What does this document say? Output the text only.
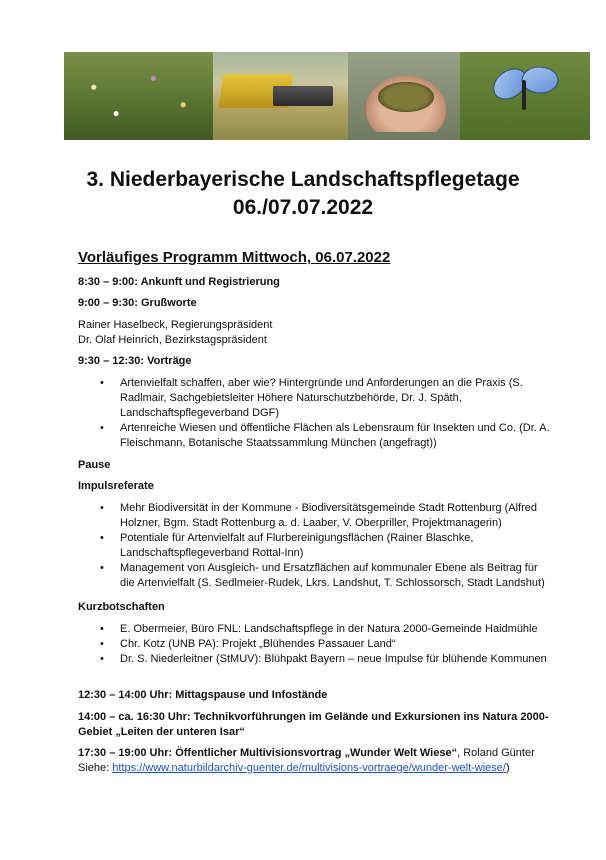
3. Niederbayerische Landschaftspflegetage
06./07.07.2022
Vorläufiges Programm Mittwoch, 06.07.2022
8:30 – 9:00: Ankunft und Registrierung
9:00 – 9:30: Grußworte
Rainer Haselbeck, Regierungspräsident
Dr. Olaf Heinrich, Bezirkstagspräsident
9:30 – 12:30: Vorträge
• Artenvielfalt schaffen, aber wie? Hintergründe und Anforderungen an die Praxis (S.
Radlmair, Sachgebietsleiter Höhere Naturschutzbehörde, Dr. J. Späth,
Landschaftspflegeverband DGF)
• Artenreiche Wiesen und öffentliche Flächen als Lebensraum für Insekten und Co. (Dr. A.
Fleischmann, Botanische Staatssammlung München (angefragt))
Pause
Impulsreferate
• Mehr Biodiversität in der Kommune - Biodiversitätsgemeinde Stadt Rottenburg (Alfred
Holzner, Bgm. Stadt Rottenburg a. d. Laaber, V. Oberpriller, Projektmanagerin)
• Potentiale für Artenvielfalt auf Flurbereinigungsflächen (Rainer Blaschke,
Landschaftspflegeverband Rottal-Inn)
• Management von Ausgleich- und Ersatzflächen auf kommunaler Ebene als Beitrag für
die Artenvielfalt (S. Sedlmeier-Rudek, Lkrs. Landshut, T. Schlossorsch, Stadt Landshut)
Kurzbotschaften
• E. Obermeier, Büro FNL: Landschaftspflege in der Natura 2000-Gemeinde Haidmühle
• Chr. Kotz (UNB PA): Projekt „Blühendes Passauer Land“
• Dr. S. Niederleitner (StMUV): Blühpakt Bayern – neue Impulse für blühende Kommunen
12:30 – 14:00 Uhr: Mittagspause und Infostände
14:00 – ca. 16:30 Uhr: Technikvorführungen im Gelände und Exkursionen ins Natura 2000-
Gebiet „Leiten der unteren Isar“
17:30 – 19:00 Uhr: Öffentlicher Multivisionsvortrag „Wunder Welt Wiese“, Roland Günter
Siehe: https://www.naturbildarchiv-guenter.de/multivisions-vortraege/wunder-welt-wiese/)
